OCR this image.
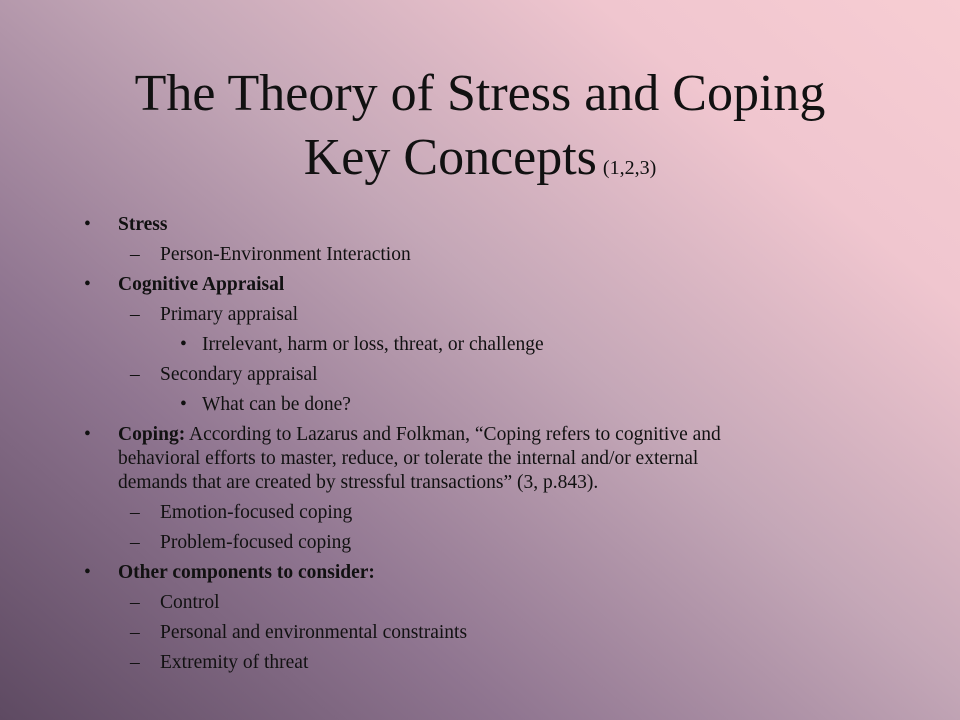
The Theory of Stress and Coping
Key Concepts (1,2,3)
• Stress
– Person-Environment Interaction
• Cognitive Appraisal
– Primary appraisal
• Irrelevant, harm or loss, threat, or challenge
– Secondary appraisal
• What can be done?
• Coping: According to Lazarus and Folkman, “Coping refers to cognitive and
behavioral efforts to master, reduce, or tolerate the internal and/or external
demands that are created by stressful transactions” (3, p.843).
– Emotion-focused coping
– Problem-focused coping
• Other components to consider:
– Control
– Personal and environmental constraints
– Extremity of threat
